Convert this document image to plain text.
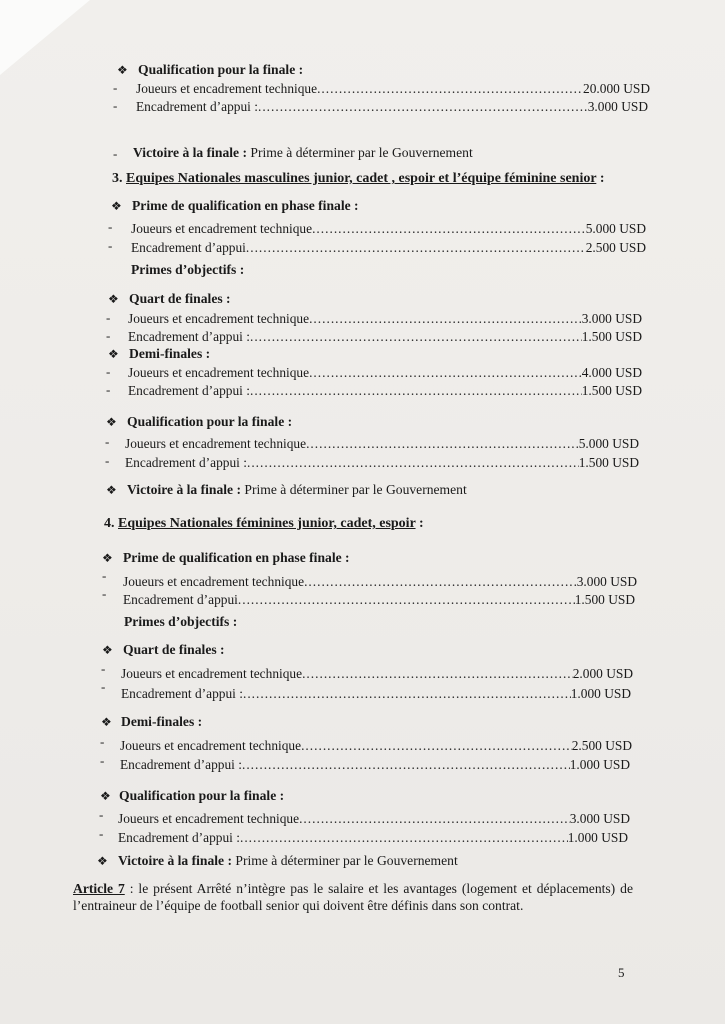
❖ Qualification pour la finale :
- Joueurs et encadrement technique .....	20.000 USD
- Encadrement d’appui : .....	3.000 USD
- Victoire à la finale : Prime à déterminer par le Gouvernement
3. Equipes Nationales masculines junior, cadet , espoir et l’équipe féminine senior :
❖ Prime de qualification en phase finale :
- Joueurs et encadrement technique .....	5.000 USD
- Encadrement d’appui .....	2.500 USD
Primes d’objectifs :
❖ Quart de finales :
- Joueurs et encadrement technique .....	3.000 USD
- Encadrement d’appui : .....	1.500 USD
❖ Demi-finales :
- Joueurs et encadrement technique .....	4.000 USD
- Encadrement d’appui : .....	1.500 USD
❖ Qualification pour la finale :
- Joueurs et encadrement technique .....	5.000 USD
- Encadrement d’appui : .....	1.500 USD
❖ Victoire à la finale : Prime à déterminer par le Gouvernement
4. Equipes Nationales féminines junior, cadet, espoir :
❖ Prime de qualification en phase finale :
- Joueurs et encadrement technique .....	3.000 USD
- Encadrement d’appui .....	1.500 USD
Primes d’objectifs :
❖ Quart de finales :
- Joueurs et encadrement technique .....	2.000 USD
- Encadrement d’appui : .....	1.000 USD
❖ Demi-finales :
- Joueurs et encadrement technique .....	2.500 USD
- Encadrement d’appui : .....	1.000 USD
❖ Qualification pour la finale :
- Joueurs et encadrement technique .....	3.000 USD
- Encadrement d’appui : .....	1.000 USD
❖ Victoire à la finale : Prime à déterminer par le Gouvernement
Article 7 : le présent Arrêté n’intègre pas le salaire et les avantages (logement et déplacements) de l’entraineur de l’équipe de football senior qui doivent être définis dans son contrat.
5
